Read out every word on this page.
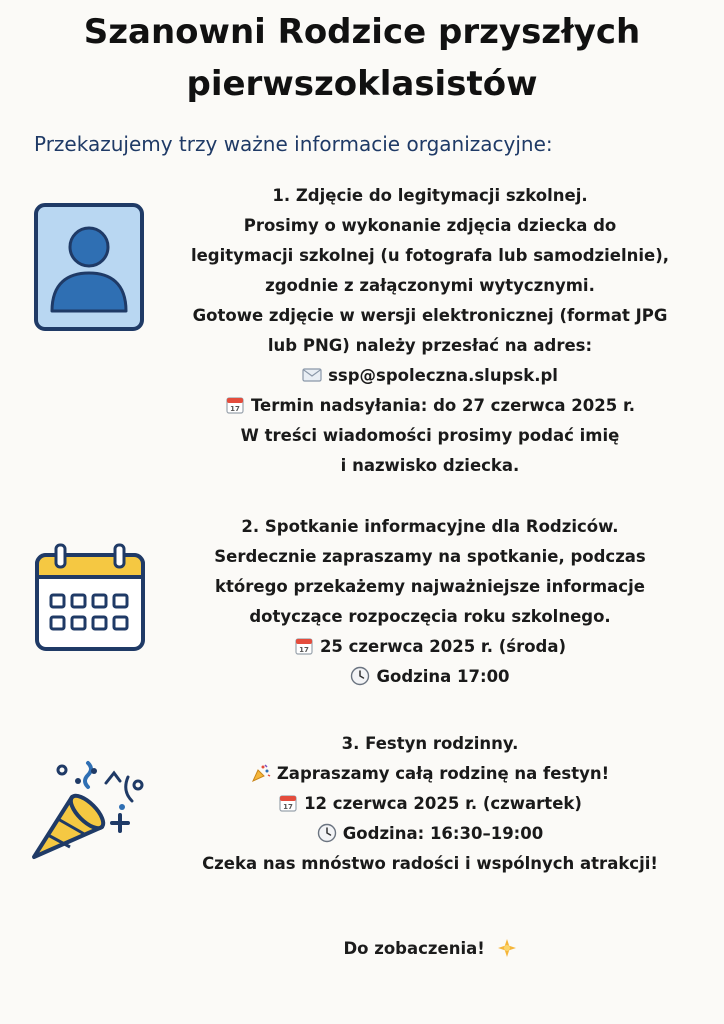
Szanowni Rodzice przyszłych
pierwszoklasistów
Przekazujemy trzy ważne informacie organizacyjne:
1. Zdjęcie do legitymacji szkolnej.
Prosimy o wykonanie zdjęcia dziecka do
legitymacji szkolnej (u fotografa lub samodzielnie),
zgodnie z załączonymi wytycznymi.
Gotowe zdjęcie w wersji elektronicznej (format JPG
lub PNG) należy przesłać na adres:
ssp@spoleczna.slupsk.pl
17 Termin nadsyłania: do 27 czerwca 2025 r.
W treści wiadomości prosimy podać imię
i nazwisko dziecka.
2. Spotkanie informacyjne dla Rodziców.
Serdecznie zapraszamy na spotkanie, podczas
którego przekażemy najważniejsze informacje
dotyczące rozpoczęcia roku szkolnego.
17 25 czerwca 2025 r. (środa)
Godzina 17:00
3. Festyn rodzinny.
Zapraszamy całą rodzinę na festyn!
17 12 czerwca 2025 r. (czwartek)
Godzina: 16:30–19:00
Czeka nas mnóstwo radości i wspólnych atrakcji!
Do zobaczenia!
